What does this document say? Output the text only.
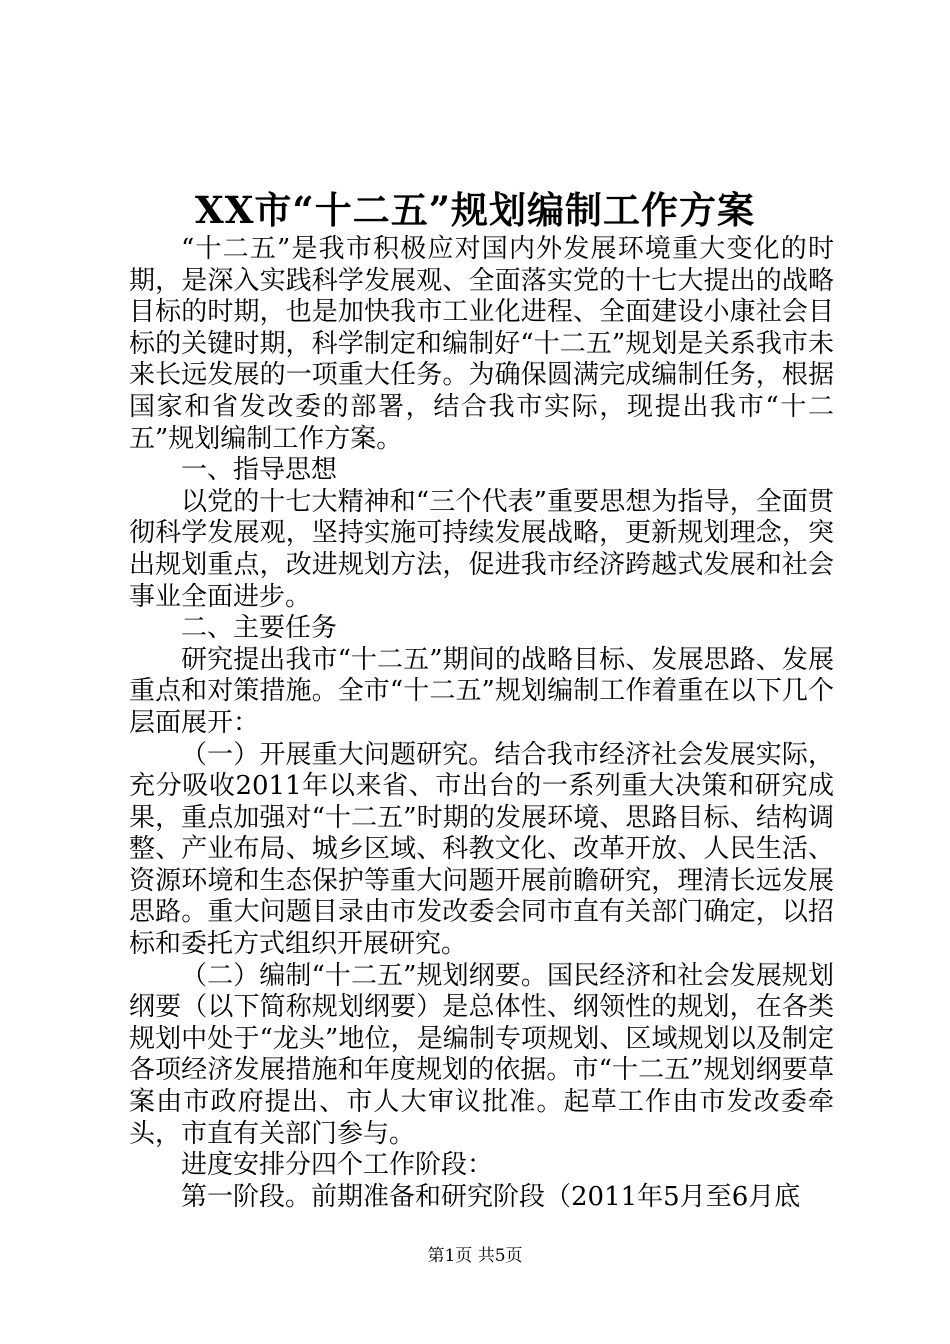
XX市“十二五”规划编制工作方案

“十二五”是我市积极应对国内外发展环境重大变化的时期，是深入实践科学发展观、全面落实党的十七大提出的战略目标的时期，也是加快我市工业化进程、全面建设小康社会目标的关键时期，科学制定和编制好“十二五”规划是关系我市未来长远发展的一项重大任务。为确保圆满完成编制任务，根据国家和省发改委的部署，结合我市实际，现提出我市“十二五”规划编制工作方案。

一、指导思想

以党的十七大精神和“三个代表”重要思想为指导，全面贯彻科学发展观，坚持实施可持续发展战略，更新规划理念，突出规划重点，改进规划方法，促进我市经济跨越式发展和社会事业全面进步。

二、主要任务

研究提出我市“十二五”期间的战略目标、发展思路、发展重点和对策措施。全市“十二五”规划编制工作着重在以下几个层面展开：

（一）开展重大问题研究。结合我市经济社会发展实际，充分吸收2011年以来省、市出台的一系列重大决策和研究成果，重点加强对“十二五”时期的发展环境、思路目标、结构调整、产业布局、城乡区域、科教文化、改革开放、人民生活、资源环境和生态保护等重大问题开展前瞻研究，理清长远发展思路。重大问题目录由市发改委会同市直有关部门确定，以招标和委托方式组织开展研究。

（二）编制“十二五”规划纲要。国民经济和社会发展规划纲要（以下简称规划纲要）是总体性、纲领性的规划，在各类规划中处于“龙头”地位，是编制专项规划、区域规划以及制定各项经济发展措施和年度规划的依据。市“十二五”规划纲要草案由市政府提出、市人大审议批准。起草工作由市发改委牵头，市直有关部门参与。

进度安排分四个工作阶段：

第一阶段。前期准备和研究阶段（2011年5月至6月底

第1页 共5页
